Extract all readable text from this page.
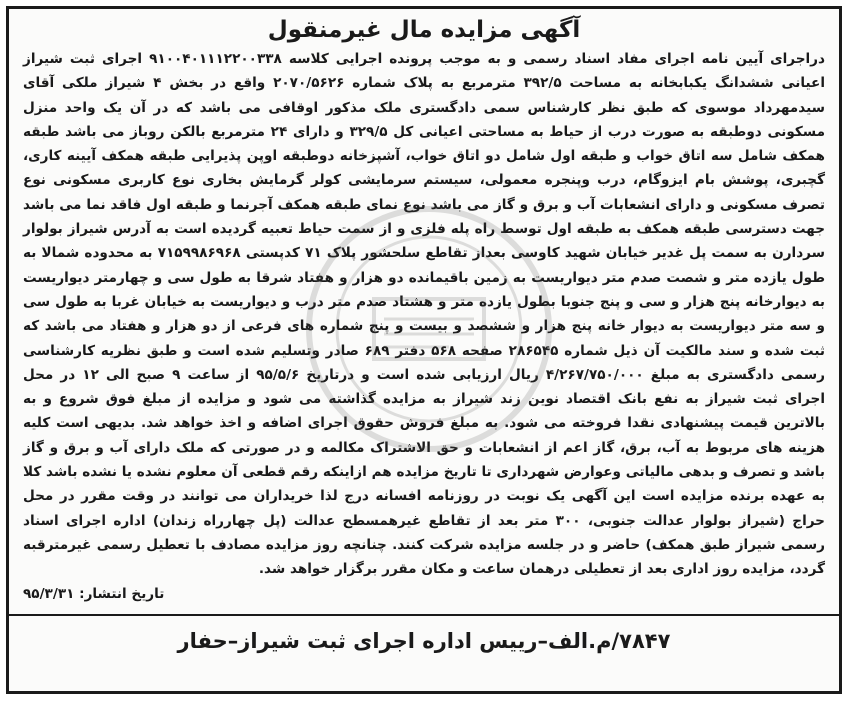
آگهی مزایده مال غیرمنقول
دراجرای آیین نامه اجرای مفاد اسناد رسمی و به موجب پرونده اجرایی کلاسه ۹۱۰۰۴۰۱۱۱۲۲۰۰۳۳۸ اجرای ثبت شیراز اعیانی ششدانگ یکبابخانه به مساحت ۳۹۲/۵ مترمربع به پلاک شماره ۲۰۷۰/۵۶۲۶ واقع در بخش ۴ شیراز ملکی آقای سیدمهرداد موسوی که طبق نظر کارشناس سمی دادگستری ملک مذکور اوقافی می باشد که در آن یک واحد منزل مسکونی دوطبقه به صورت درب از حیاط به مساحتی اعیانی کل ۳۲۹/۵ و دارای ۲۴ مترمربع بالکن روباز می باشد طبقه همکف شامل سه اتاق خواب و طبقه اول شامل دو اتاق خواب، آشپزخانه دوطبقه اوپن پذیرایی طبقه همکف آیینه کاری، گچبری، پوشش بام ایزوگام، درب وپنجره معمولی، سیستم سرمایشی کولر گرمایش بخاری نوع کاربری مسکونی نوع تصرف مسکونی و دارای انشعابات آب و برق و گاز می باشد نوع نمای طبقه همکف آجرنما و طبقه اول فاقد نما می باشد جهت دسترسی طبقه همکف به طبقه اول توسط راه پله فلزی و از سمت حیاط تعبیه گردیده است به آدرس شیراز بولوار سردارن به سمت پل غدیر خیابان شهید کاوسی بعداز تقاطع سلحشور پلاک ۷۱ کدپستی ۷۱۵۹۹۸۶۹۶۸ به محدوده شمالا به طول یازده متر و شصت صدم متر دیواریست به زمین باقیمانده دو هزار و هفتاد شرقا به طول سی و چهارمتر دیواریست به دیوارخانه پنج هزار و سی و پنج جنوبا بطول یازده متر و هشتاد صدم متر درب و دیواریست به خیابان غربا به طول سی و سه متر دیواریست به دیوار خانه پنج هزار و ششصد و بیست و پنج شماره های فرعی از دو هزار و هفتاد می باشد که ثبت شده و سند مالکیت آن ذیل شماره ۲۸۶۵۴۵ صفحه ۵۶۸ دفتر ۶۸۹ صادر وتسلیم شده است و طبق نظریه کارشناسی رسمی دادگستری به مبلغ ۴/۲۶۷/۷۵۰/۰۰۰ ریال ارزیابی شده است و درتاریخ ۹۵/۵/۶ از ساعت ۹ صبح الی ۱۲ در محل اجرای ثبت شیراز به نفع بانک اقتصاد نوین زند شیراز به مزایده گذاشته می شود و مزایده از مبلغ فوق شروع و به بالاترین قیمت پیشنهادی نقدا فروخته می شود. به مبلغ فروش حقوق اجرای اضافه و اخذ خواهد شد. بدیهی است کلیه هزینه های مربوط به آب، برق، گاز اعم از انشعابات و حق الاشتراک مکالمه و در صورتی که ملک دارای آب و برق و گاز باشد و تصرف و بدهی مالیاتی وعوارض شهرداری تا تاریخ مزایده هم ازاینکه رقم قطعی آن معلوم نشده یا نشده باشد کلا به عهده برنده مزایده است این آگهی یک نوبت در روزنامه افسانه درج لذا خریداران می توانند در وقت مقرر در محل حراج (شیراز بولوار عدالت جنوبی، ۳۰۰ متر بعد از تقاطع غیرهمسطح عدالت (پل چهارراه زندان) اداره اجرای اسناد رسمی شیراز طبق همکف) حاضر و در جلسه مزایده شرکت کنند. چنانچه روز مزایده مصادف با تعطیل رسمی غیرمترقبه گردد، مزایده روز اداری بعد از تعطیلی درهمان ساعت و مکان مقرر برگزار خواهد شد.
تاریخ انتشار: ۹۵/۳/۳۱
۷۸۴۷/م.الف–رییس اداره اجرای ثبت شیراز–حفار
